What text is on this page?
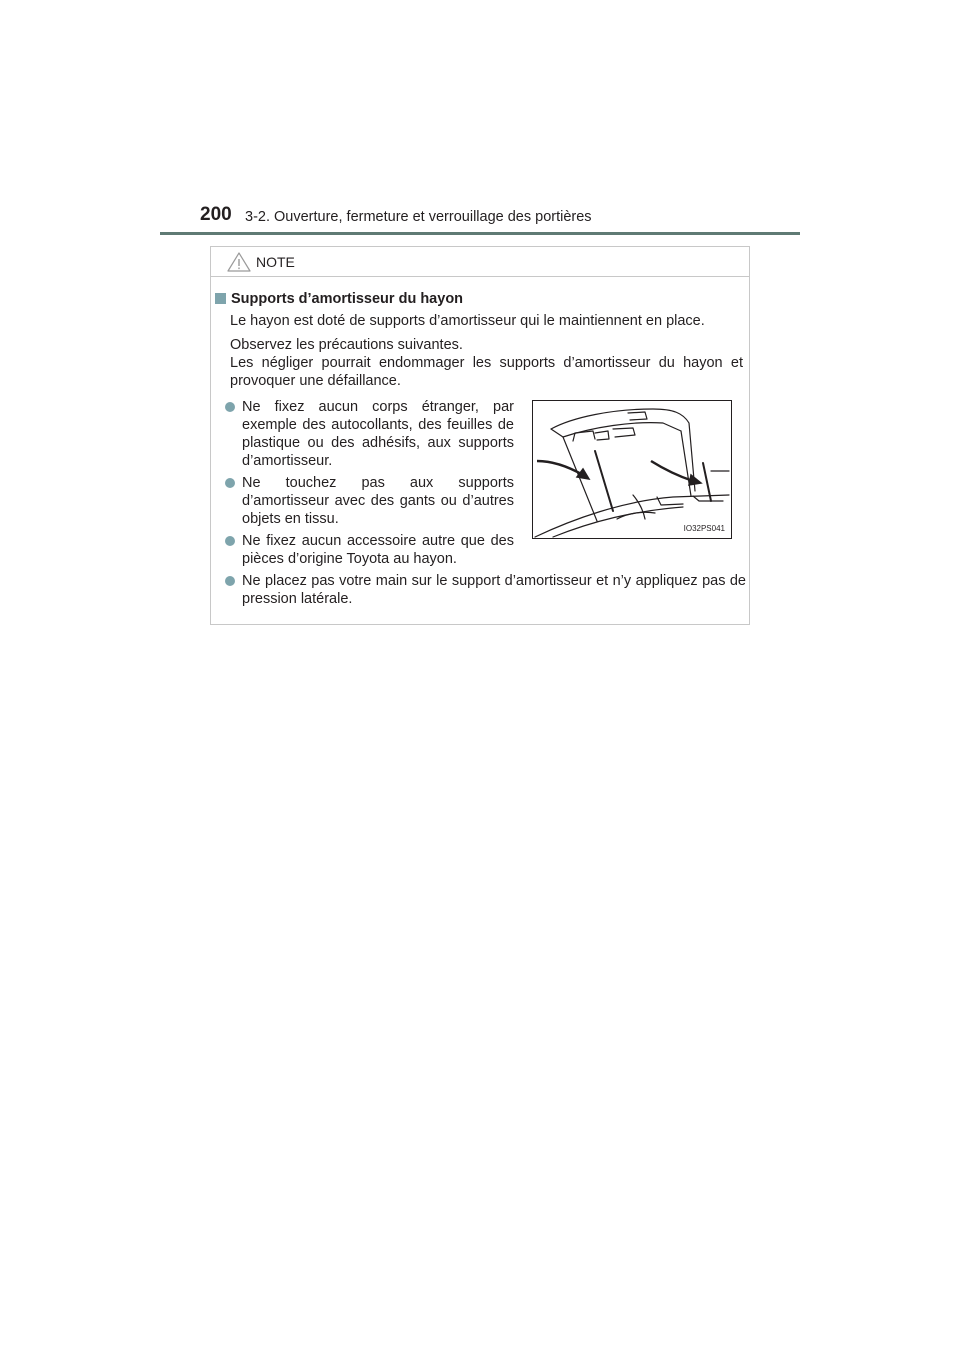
200 3-2. Ouverture, fermeture et verrouillage des portières
NOTE
Supports d’amortisseur du hayon
Le hayon est doté de supports d’amortisseur qui le maintiennent en place.
Observez les précautions suivantes.
Les négliger pourrait endommager les supports d’amortisseur du hayon et provoquer une défaillance.
Ne fixez aucun corps étranger, par exemple des autocollants, des feuilles de plastique ou des adhésifs, aux supports d’amortisseur.
Ne touchez pas aux supports d’amortisseur avec des gants ou d’autres objets en tissu.
Ne fixez aucun accessoire autre que des pièces d’origine Toyota au hayon.
Ne placez pas votre main sur le support d’amortisseur et n’y appliquez pas de pression latérale.
IO32PS041
